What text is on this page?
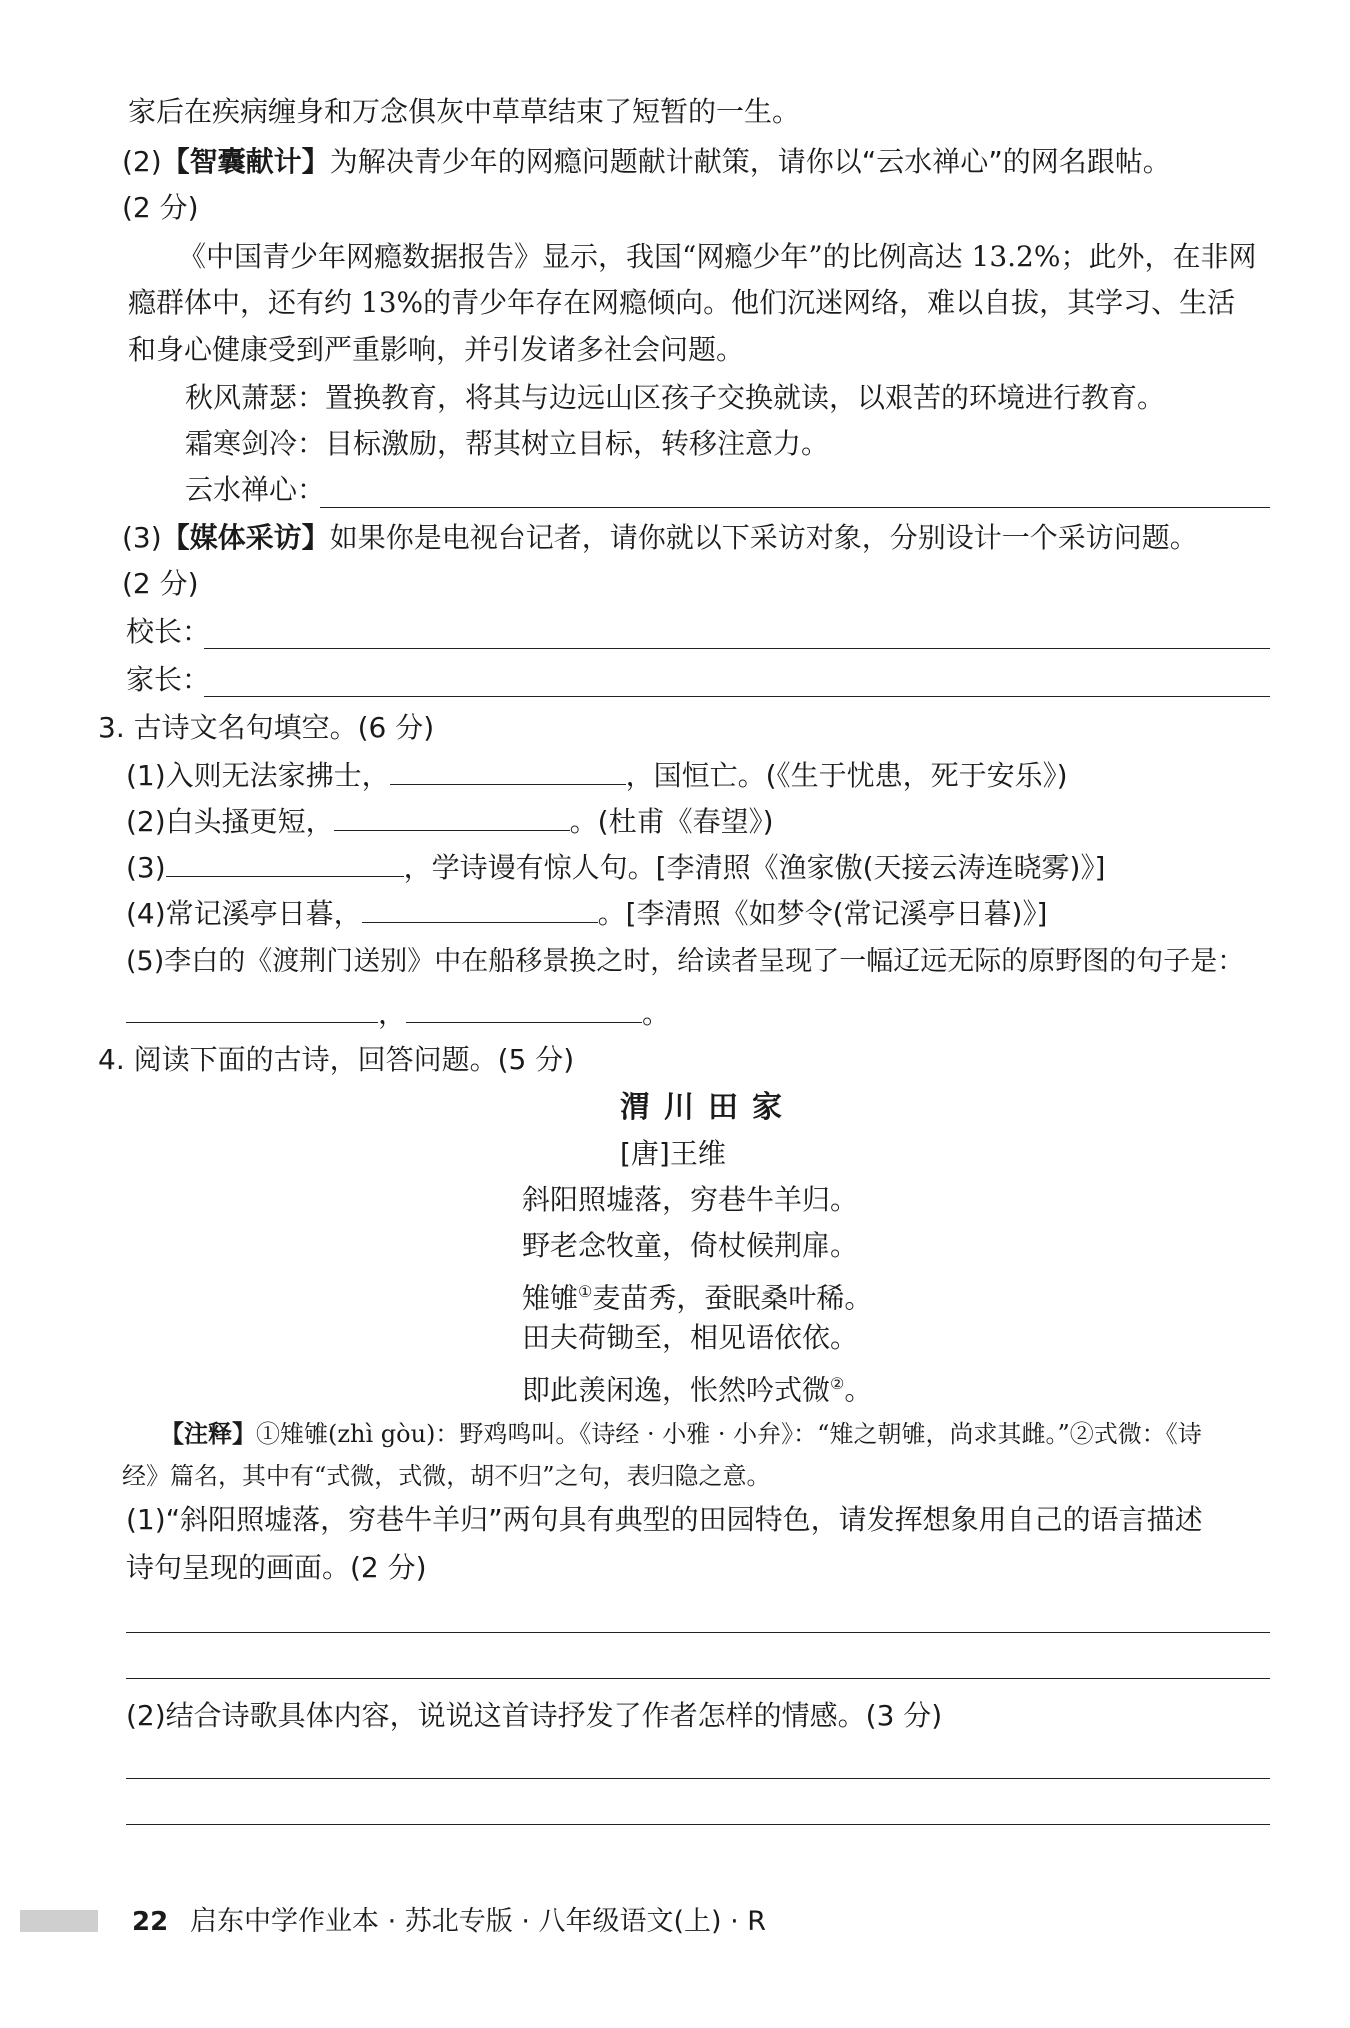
家后在疾病缠身和万念俱灰中草草结束了短暂的一生。
(2)【智囊献计】为解决青少年的网瘾问题献计献策，请你以“云水禅心”的网名跟帖。
(2 分)
《中国青少年网瘾数据报告》显示，我国“网瘾少年”的比例高达 13.2%；此外，在非网
瘾群体中，还有约 13%的青少年存在网瘾倾向。他们沉迷网络，难以自拔，其学习、生活
和身心健康受到严重影响，并引发诸多社会问题。
秋风萧瑟：置换教育，将其与边远山区孩子交换就读，以艰苦的环境进行教育。
霜寒剑冷：目标激励，帮其树立目标，转移注意力。
云水禅心：
(3)【媒体采访】如果你是电视台记者，请你就以下采访对象，分别设计一个采访问题。
(2 分)
校长：
家长：
3. 古诗文名句填空。(6 分)
(1)入则无法家拂士，	，国恒亡。(《生于忧患，死于安乐》)
(2)白头搔更短，	。(杜甫《春望》)
(3)	，学诗谩有惊人句。[李清照《渔家傲(天接云涛连晓雾)》]
(4)常记溪亭日暮，	。[李清照《如梦令(常记溪亭日暮)》]
(5)李白的《渡荆门送别》中在船移景换之时，给读者呈现了一幅辽远无际的原野图的句子是：
，	。
4. 阅读下面的古诗，回答问题。(5 分)
渭川田家
[唐]王维
斜阳照墟落，穷巷牛羊归。
野老念牧童，倚杖候荆扉。
雉雊①麦苗秀，蚕眠桑叶稀。
田夫荷锄至，相见语依依。
即此羡闲逸，怅然吟式微②。
【注释】①雉雊(zhì gòu)：野鸡鸣叫。《诗经 · 小雅 · 小弁》：“雉之朝雊，尚求其雌。”②式微：《诗
经》篇名，其中有“式微，式微，胡不归”之句，表归隐之意。
(1)“斜阳照墟落，穷巷牛羊归”两句具有典型的田园特色，请发挥想象用自己的语言描述
诗句呈现的画面。(2 分)
(2)结合诗歌具体内容，说说这首诗抒发了作者怎样的情感。(3 分)
22 启东中学作业本 · 苏北专版 · 八年级语文(上) · R
